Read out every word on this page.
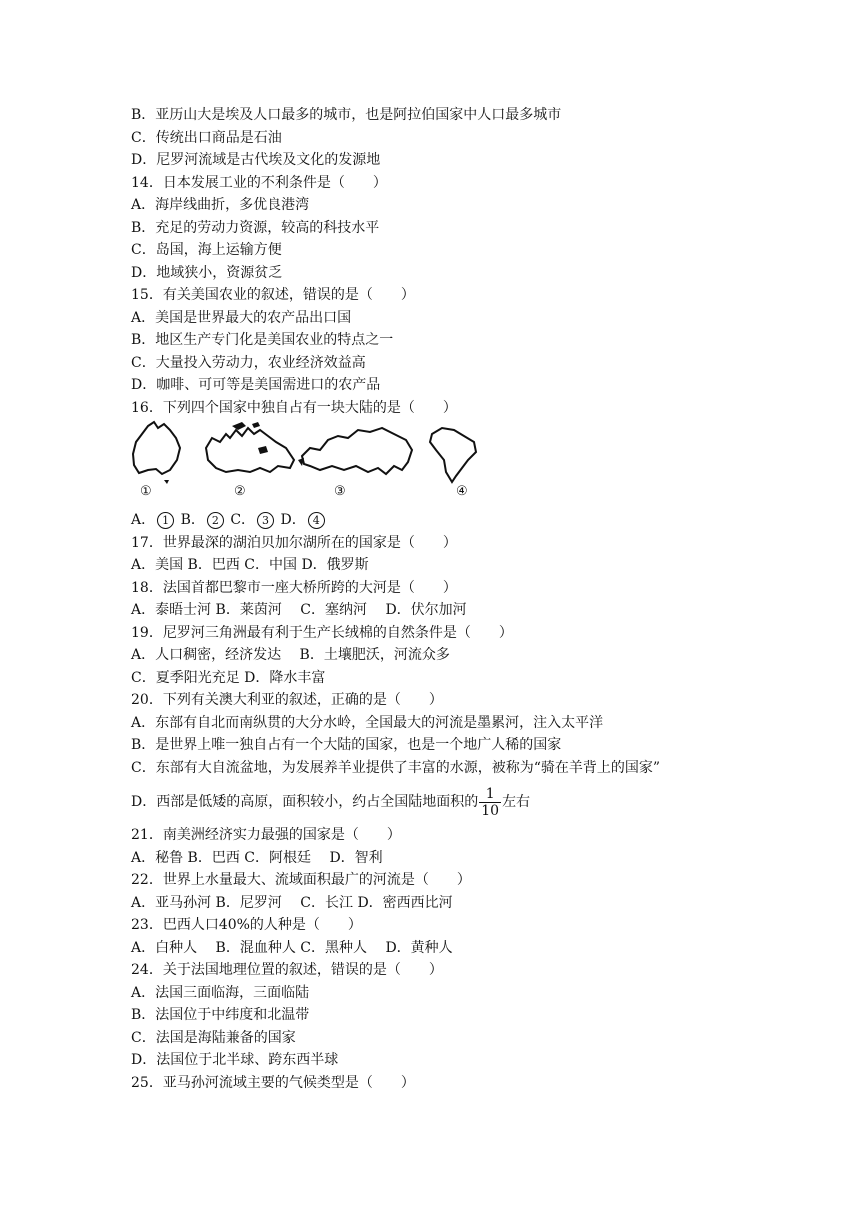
B．亚历山大是埃及人口最多的城市，也是阿拉伯国家中人口最多城市
C．传统出口商品是石油
D．尼罗河流域是古代埃及文化的发源地
14．日本发展工业的不利条件是（　　）
A．海岸线曲折，多优良港湾
B．充足的劳动力资源，较高的科技水平
C．岛国，海上运输方便
D．地域狭小，资源贫乏
15．有关美国农业的叙述，错误的是（　　）
A．美国是世界最大的农产品出口国
B．地区生产专门化是美国农业的特点之一
C．大量投入劳动力，农业经济效益高
D．咖啡、可可等是美国需进口的农产品
16．下列四个国家中独自占有一块大陆的是（　　）
①	②	③	④
A． 1 B． 2 C． 3 D． 4
17．世界最深的湖泊贝加尔湖所在的国家是（　　）
A．美国 B．巴西 C．中国 D．俄罗斯
18．法国首都巴黎市一座大桥所跨的大河是（　　）
A．泰晤士河 B．莱茵河　 C．塞纳河　 D．伏尔加河
19．尼罗河三角洲最有利于生产长绒棉的自然条件是（　　）
A．人口稠密，经济发达　 B．土壤肥沃，河流众多
C．夏季阳光充足 D．降水丰富
20．下列有关澳大利亚的叙述，正确的是（　　）
A．东部有自北而南纵贯的大分水岭，全国最大的河流是墨累河，注入太平洋
B．是世界上唯一独自占有一个大陆的国家，也是一个地广人稀的国家
C．东部有大自流盆地，为发展养羊业提供了丰富的水源，被称为“骑在羊背上的国家”
D．西部是低矮的高原，面积较小，约占全国陆地面积的 $\frac{1}{10}$ 左右
21．南美洲经济实力最强的国家是（　　）
A．秘鲁 B．巴西 C．阿根廷　 D．智利
22．世界上水量最大、流域面积最广的河流是（　　）
A．亚马孙河 B．尼罗河　 C．长江 D．密西西比河
23．巴西人口40%的人种是（　　）
A．白种人　 B．混血种人 C．黑种人　 D．黄种人
24．关于法国地理位置的叙述，错误的是（　　）
A．法国三面临海，三面临陆
B．法国位于中纬度和北温带
C．法国是海陆兼备的国家
D．法国位于北半球、跨东西半球
25．亚马孙河流域主要的气候类型是（　　）
